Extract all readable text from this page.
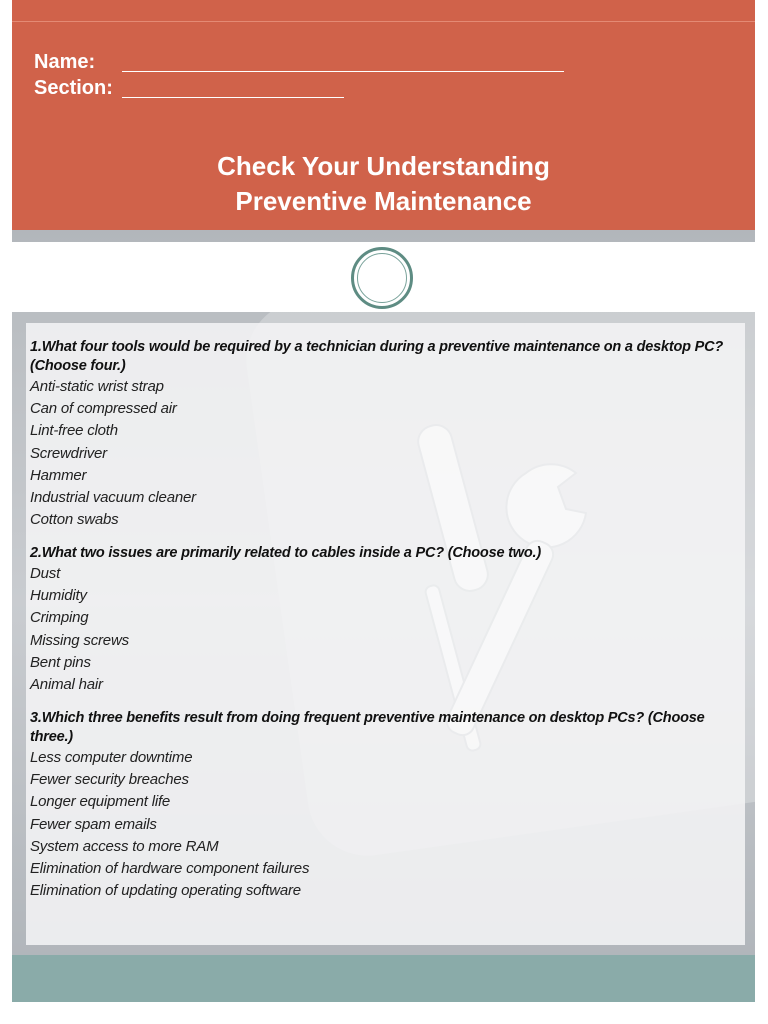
Name:
Section:
Check Your Understanding
Preventive Maintenance
1.What four tools would be required by a technician during a preventive maintenance on a desktop PC? (Choose four.)
Anti-static wrist strap
Can of compressed air
Lint-free cloth
Screwdriver
Hammer
Industrial vacuum cleaner
Cotton swabs
2.What two issues are primarily related to cables inside a PC? (Choose two.)
Dust
Humidity
Crimping
Missing screws
Bent pins
Animal hair
3.Which three benefits result from doing frequent preventive maintenance on desktop PCs? (Choose three.)
Less computer downtime
Fewer security breaches
Longer equipment life
Fewer spam emails
System access to more RAM
Elimination of hardware component failures
Elimination of updating operating software
